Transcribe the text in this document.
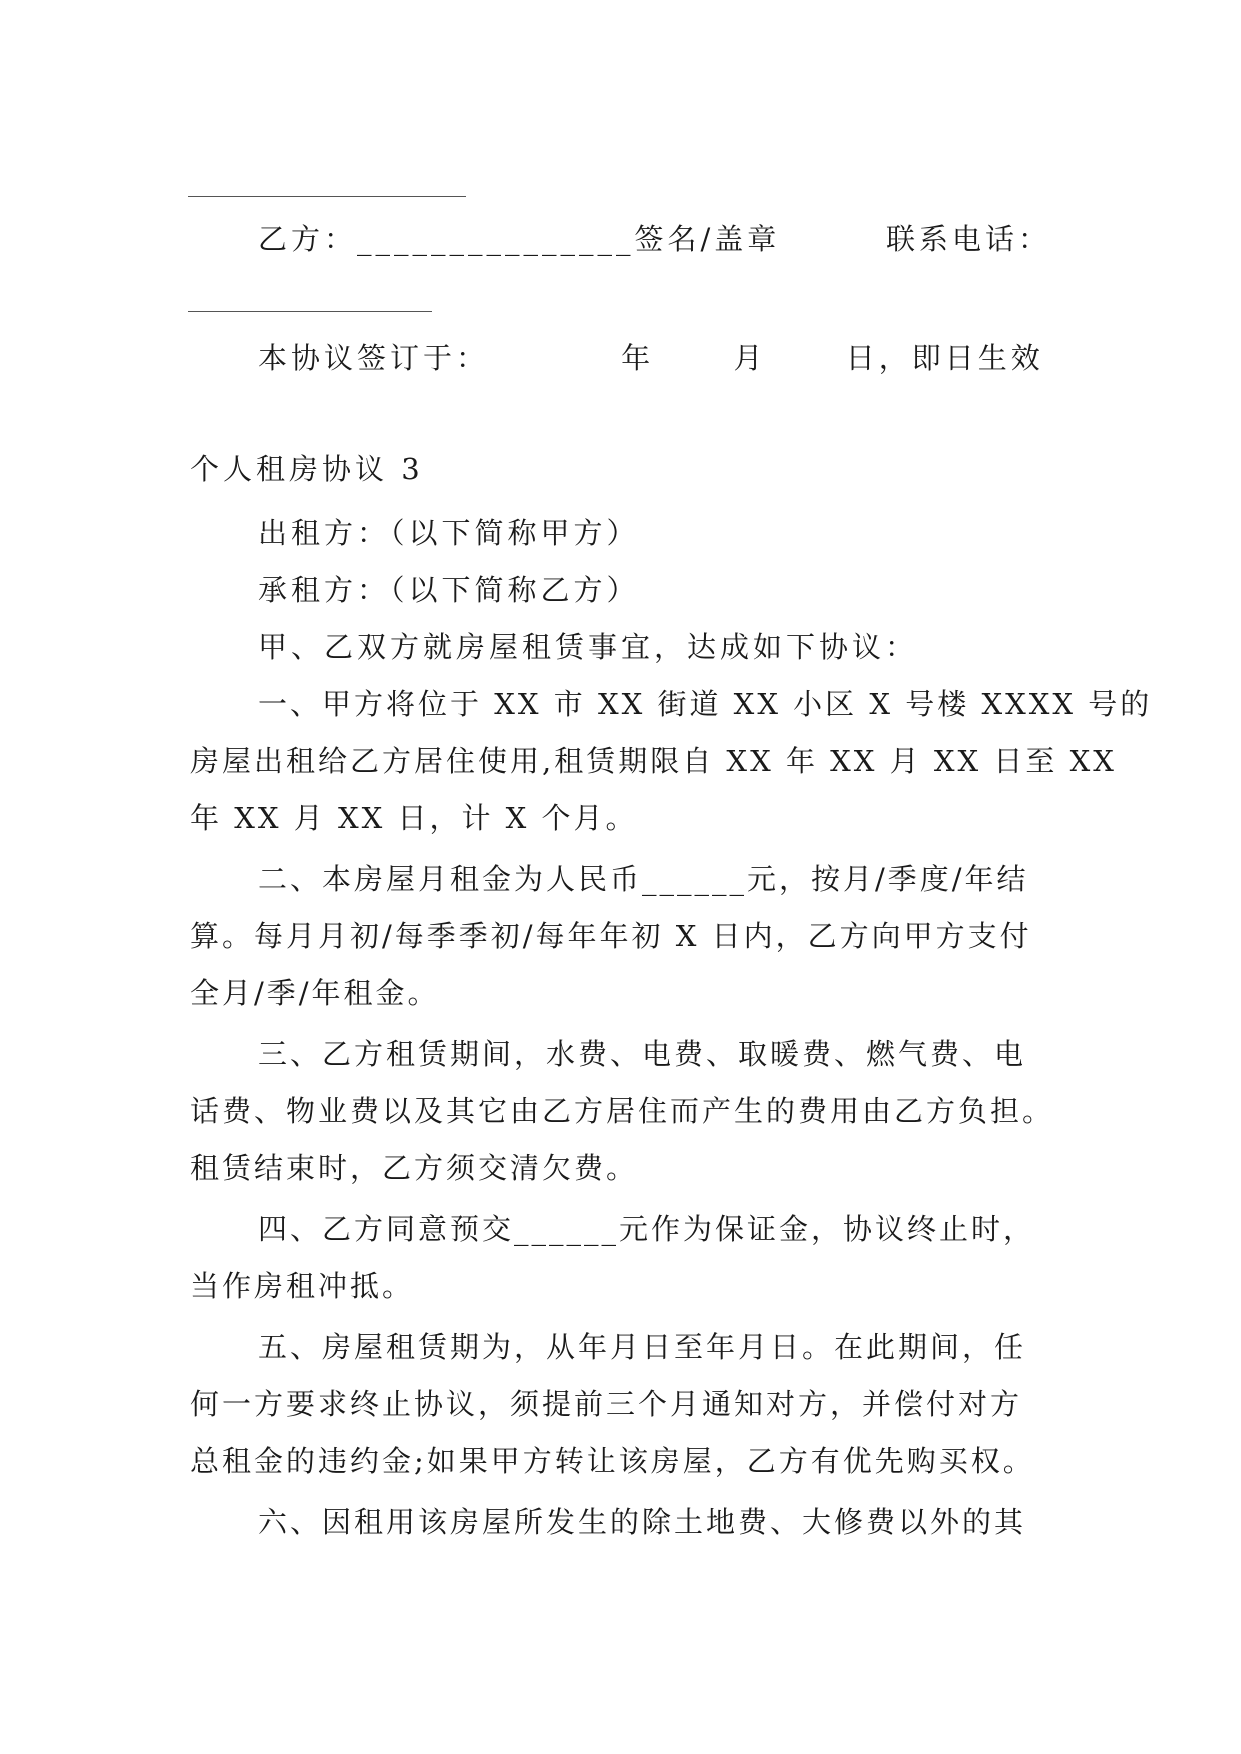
乙方：_______________签名/盖章        联系电话：
本协议签订于：          年      月      日，即日生效
个人租房协议 3
出租方：（以下简称甲方）
承租方：（以下简称乙方）
甲、乙双方就房屋租赁事宜，达成如下协议：
一、甲方将位于 XX 市 XX 街道 XX 小区 X 号楼 XXXX 号的
房屋出租给乙方居住使用,租赁期限自 XX 年 XX 月 XX 日至 XX
年 XX 月 XX 日，计 X 个月。
二、本房屋月租金为人民币______元，按月/季度/年结
算。每月月初/每季季初/每年年初 X 日内，乙方向甲方支付
全月/季/年租金。
三、乙方租赁期间，水费、电费、取暖费、燃气费、电
话费、物业费以及其它由乙方居住而产生的费用由乙方负担。
租赁结束时，乙方须交清欠费。
四、乙方同意预交______元作为保证金，协议终止时，
当作房租冲抵。
五、房屋租赁期为，从年月日至年月日。在此期间，任
何一方要求终止协议，须提前三个月通知对方，并偿付对方
总租金的违约金;如果甲方转让该房屋，乙方有优先购买权。
六、因租用该房屋所发生的除土地费、大修费以外的其
